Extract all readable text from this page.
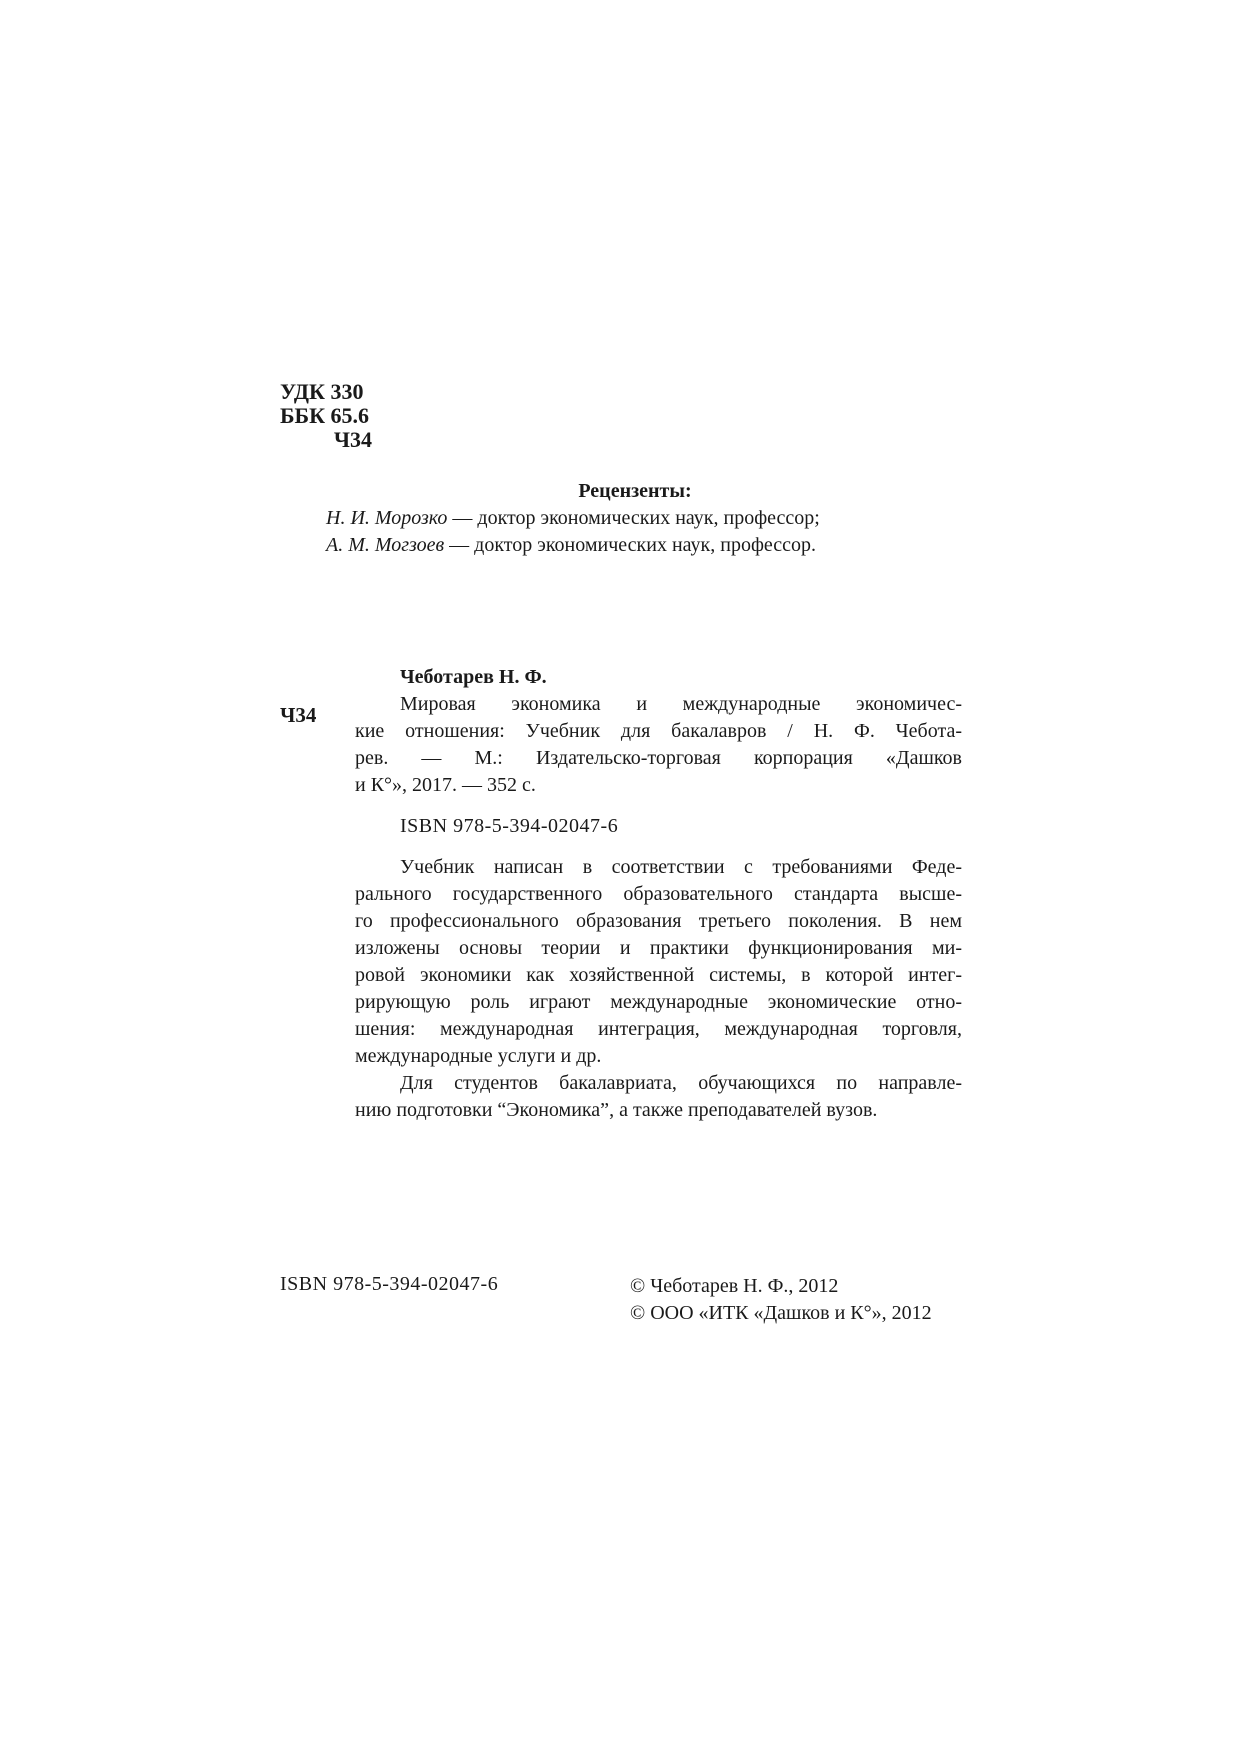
УДК 330
ББК 65.6
Ч34
Рецензенты:
Н. И. Морозко — доктор экономических наук, профессор;
А. М. Могзоев — доктор экономических наук, профессор.
Ч34
Чеботарев Н. Ф.
Мировая экономика и международные экономичес-
кие отношения: Учебник для бакалавров / Н. Ф. Чебота-
рев. — М.: Издательско-торговая корпорация «Дашков
и К°», 2017. — 352 с.
ISBN 978-5-394-02047-6
Учебник написан в соответствии с требованиями Феде-
рального государственного образовательного стандарта высше-
го профессионального образования третьего поколения. В нем
изложены основы теории и практики функционирования ми-
ровой экономики как хозяйственной системы, в которой интег-
рирующую роль играют международные экономические отно-
шения: международная интеграция, международная торговля,
международные услуги и др.
Для студентов бакалавриата, обучающихся по направле-
нию подготовки “Экономика”, а также преподавателей вузов.
ISBN 978-5-394-02047-6	© Чеботарев Н. Ф., 2012
© ООО «ИТК «Дашков и К°», 2012
